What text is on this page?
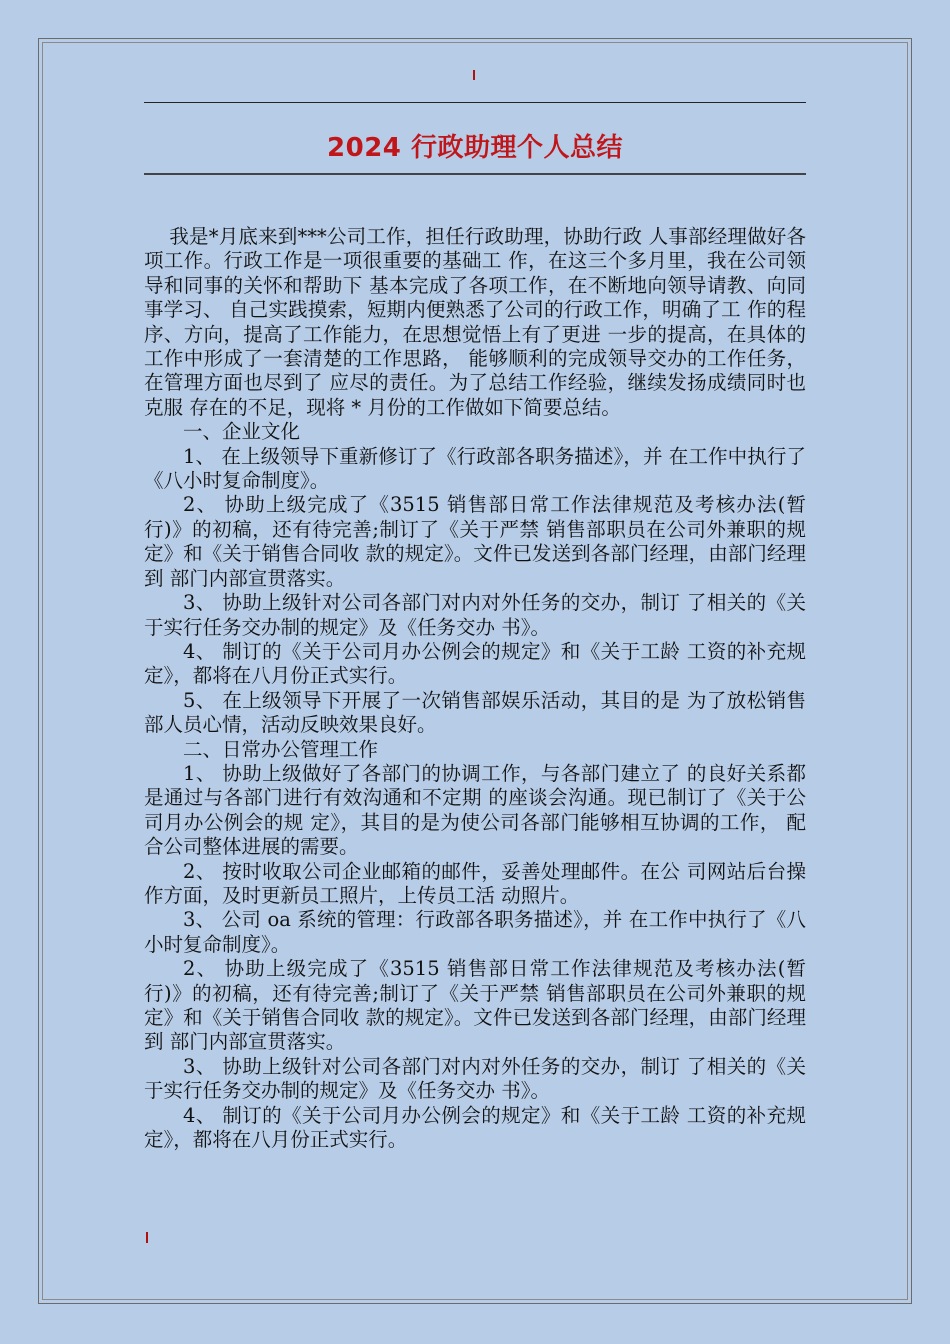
2024 行政助理个人总结

我是*月底来到***公司工作，担任行政助理，协助行政 人事部经理做好各项工作。行政工作是一项很重要的基础工 作，在这三个多月里，我在公司领导和同事的关怀和帮助下 基本完成了各项工作，在不断地向领导请教、向同事学习、 自己实践摸索，短期内便熟悉了公司的行政工作，明确了工 作的程序、方向，提高了工作能力，在思想觉悟上有了更进 一步的提高，在具体的工作中形成了一套清楚的工作思路， 能够顺利的完成领导交办的工作任务，在管理方面也尽到了 应尽的责任。为了总结工作经验，继续发扬成绩同时也克服 存在的不足，现将 * 月份的工作做如下简要总结。

一、企业文化

1、 在上级领导下重新修订了《行政部各职务描述》，并 在工作中执行了《八小时复命制度》。

2、 协助上级完成了《3515 销售部日常工作法律规范及考核办法(暂行)》的初稿，还有待完善;制订了《关于严禁 销售部职员在公司外兼职的规定》和《关于销售合同收 款的规定》。文件已发送到各部门经理，由部门经理到 部门内部宣贯落实。

3、 协助上级针对公司各部门对内对外任务的交办，制订 了相关的《关于实行任务交办制的规定》及《任务交办 书》。

4、 制订的《关于公司月办公例会的规定》和《关于工龄 工资的补充规定》，都将在八月份正式实行。

5、 在上级领导下开展了一次销售部娱乐活动，其目的是 为了放松销售部人员心情，活动反映效果良好。

二、日常办公管理工作

1、 协助上级做好了各部门的协调工作，与各部门建立了 的良好关系都是通过与各部门进行有效沟通和不定期 的座谈会沟通。现已制订了《关于公司月办公例会的规 定》，其目的是为使公司各部门能够相互协调的工作， 配合公司整体进展的需要。

2、 按时收取公司企业邮箱的邮件，妥善处理邮件。在公 司网站后台操作方面，及时更新员工照片，上传员工活 动照片。

3、 公司 oa 系统的管理：行政部各职务描述》，并 在工作中执行了《八小时复命制度》。

2、 协助上级完成了《3515 销售部日常工作法律规范及考核办法(暂行)》的初稿，还有待完善;制订了《关于严禁 销售部职员在公司外兼职的规定》和《关于销售合同收 款的规定》。文件已发送到各部门经理，由部门经理到 部门内部宣贯落实。

3、 协助上级针对公司各部门对内对外任务的交办，制订 了相关的《关于实行任务交办制的规定》及《任务交办 书》。

4、 制订的《关于公司月办公例会的规定》和《关于工龄 工资的补充规定》，都将在八月份正式实行。
